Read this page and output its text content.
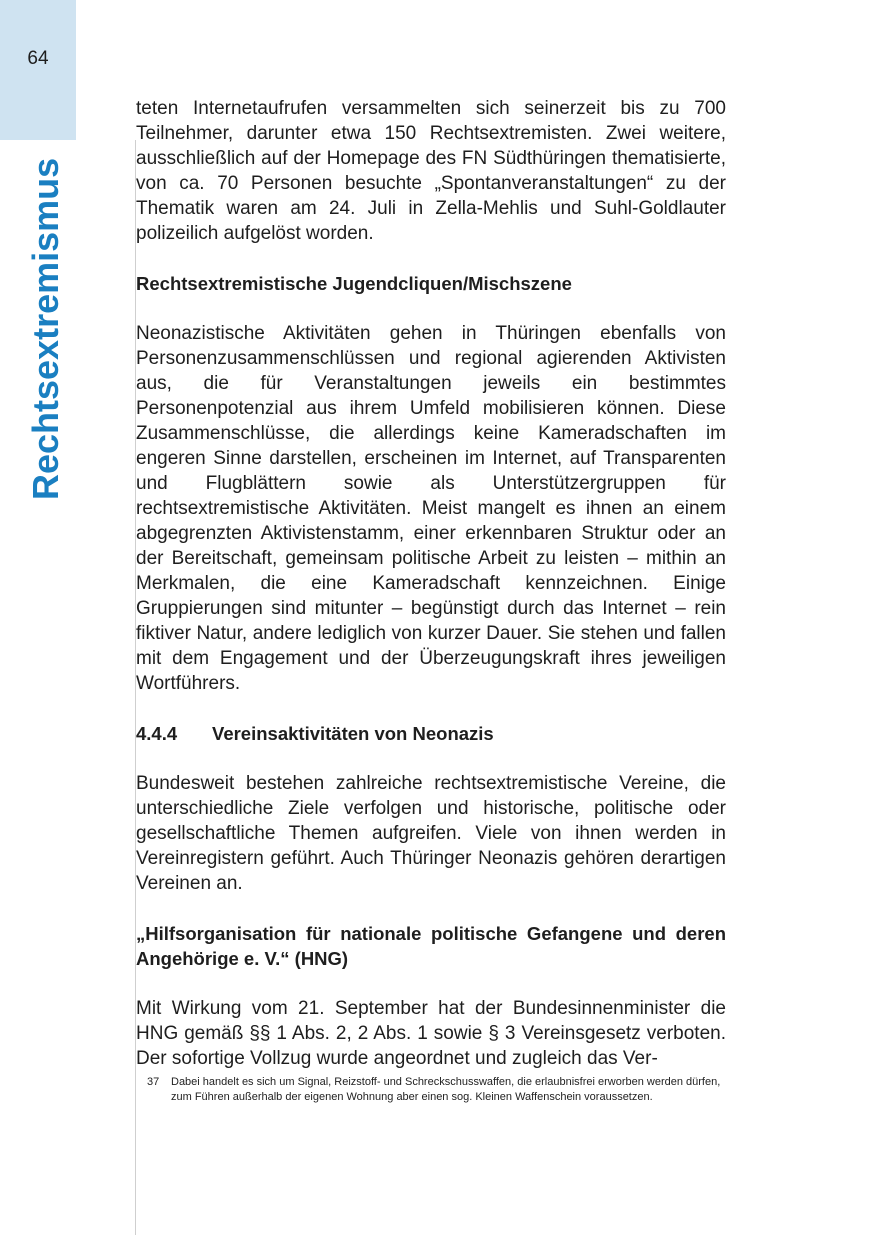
64
Rechtsextremismus

teten Internetaufrufen versammelten sich seinerzeit bis zu 700 Teilnehmer, darunter etwa 150 Rechtsextremisten. Zwei weitere, ausschließlich auf der Homepage des FN Südthüringen thematisierte, von ca. 70 Personen besuchte „Spontanveranstaltungen“ zu der Thematik waren am 24. Juli in Zella-Mehlis und Suhl-Goldlauter polizeilich aufgelöst worden.

Rechtsextremistische Jugendcliquen/Mischszene

Neonazistische Aktivitäten gehen in Thüringen ebenfalls von Personenzusammenschlüssen und regional agierenden Aktivisten aus, die für Veranstaltungen jeweils ein bestimmtes Personenpotenzial aus ihrem Umfeld mobilisieren können. Diese Zusammenschlüsse, die allerdings keine Kameradschaften im engeren Sinne darstellen, erscheinen im Internet, auf Transparenten und Flugblättern sowie als Unterstützergruppen für rechtsextremistische Aktivitäten. Meist mangelt es ihnen an einem abgegrenzten Aktivistenstamm, einer erkennbaren Struktur oder an der Bereitschaft, gemeinsam politische Arbeit zu leisten – mithin an Merkmalen, die eine Kameradschaft kennzeichnen. Einige Gruppierungen sind mitunter – begünstigt durch das Internet – rein fiktiver Natur, andere lediglich von kurzer Dauer. Sie stehen und fallen mit dem Engagement und der Überzeugungskraft ihres jeweiligen Wortführers.

4.4.4 Vereinsaktivitäten von Neonazis

Bundesweit bestehen zahlreiche rechtsextremistische Vereine, die unterschiedliche Ziele verfolgen und historische, politische oder gesellschaftliche Themen aufgreifen. Viele von ihnen werden in Vereinregistern geführt. Auch Thüringer Neonazis gehören derartigen Vereinen an.

„Hilfsorganisation für nationale politische Gefangene und deren Angehörige e. V.“ (HNG)

Mit Wirkung vom 21. September hat der Bundesinnenminister die HNG gemäß §§ 1 Abs. 2, 2 Abs. 1 sowie § 3 Vereinsgesetz verboten. Der sofortige Vollzug wurde angeordnet und zugleich das Ver-

37 Dabei handelt es sich um Signal, Reizstoff- und Schreckschusswaffen, die erlaubnisfrei erworben werden dürfen, zum Führen außerhalb der eigenen Wohnung aber einen sog. Kleinen Waffenschein voraussetzen.
